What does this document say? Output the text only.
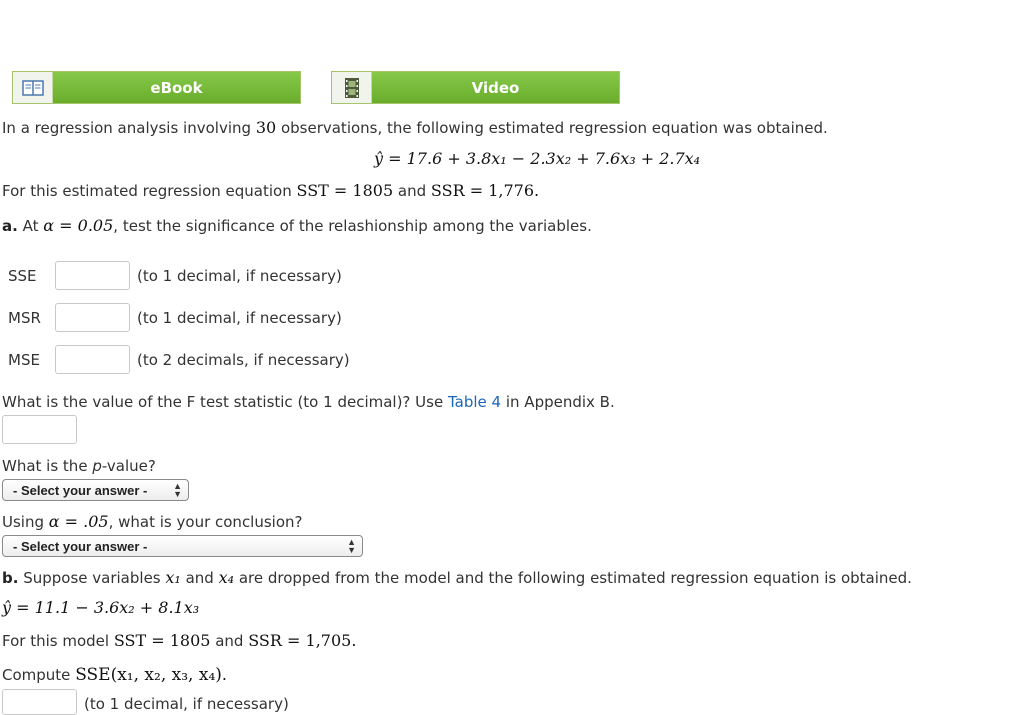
eBook	Video
In a regression analysis involving 30 observations, the following estimated regression equation was obtained.
ŷ = 17.6 + 3.8x₁ − 2.3x₂ + 7.6x₃ + 2.7x₄
For this estimated regression equation SST = 1805 and SSR = 1,776.
a. At α = 0.05, test the significance of the relashionship among the variables.
SSE	(to 1 decimal, if necessary)
MSR	(to 1 decimal, if necessary)
MSE	(to 2 decimals, if necessary)
What is the value of the F test statistic (to 1 decimal)? Use Table 4 in Appendix B.
What is the p-value?
- Select your answer -	▲
▼
Using α = .05, what is your conclusion?
- Select your answer -	▲
▼
b. Suppose variables x₁ and x₄ are dropped from the model and the following estimated regression equation is obtained.
ŷ = 11.1 − 3.6x₂ + 8.1x₃
For this model SST = 1805 and SSR = 1,705.
Compute SSE(x₁, x₂, x₃, x₄).
(to 1 decimal, if necessary)
